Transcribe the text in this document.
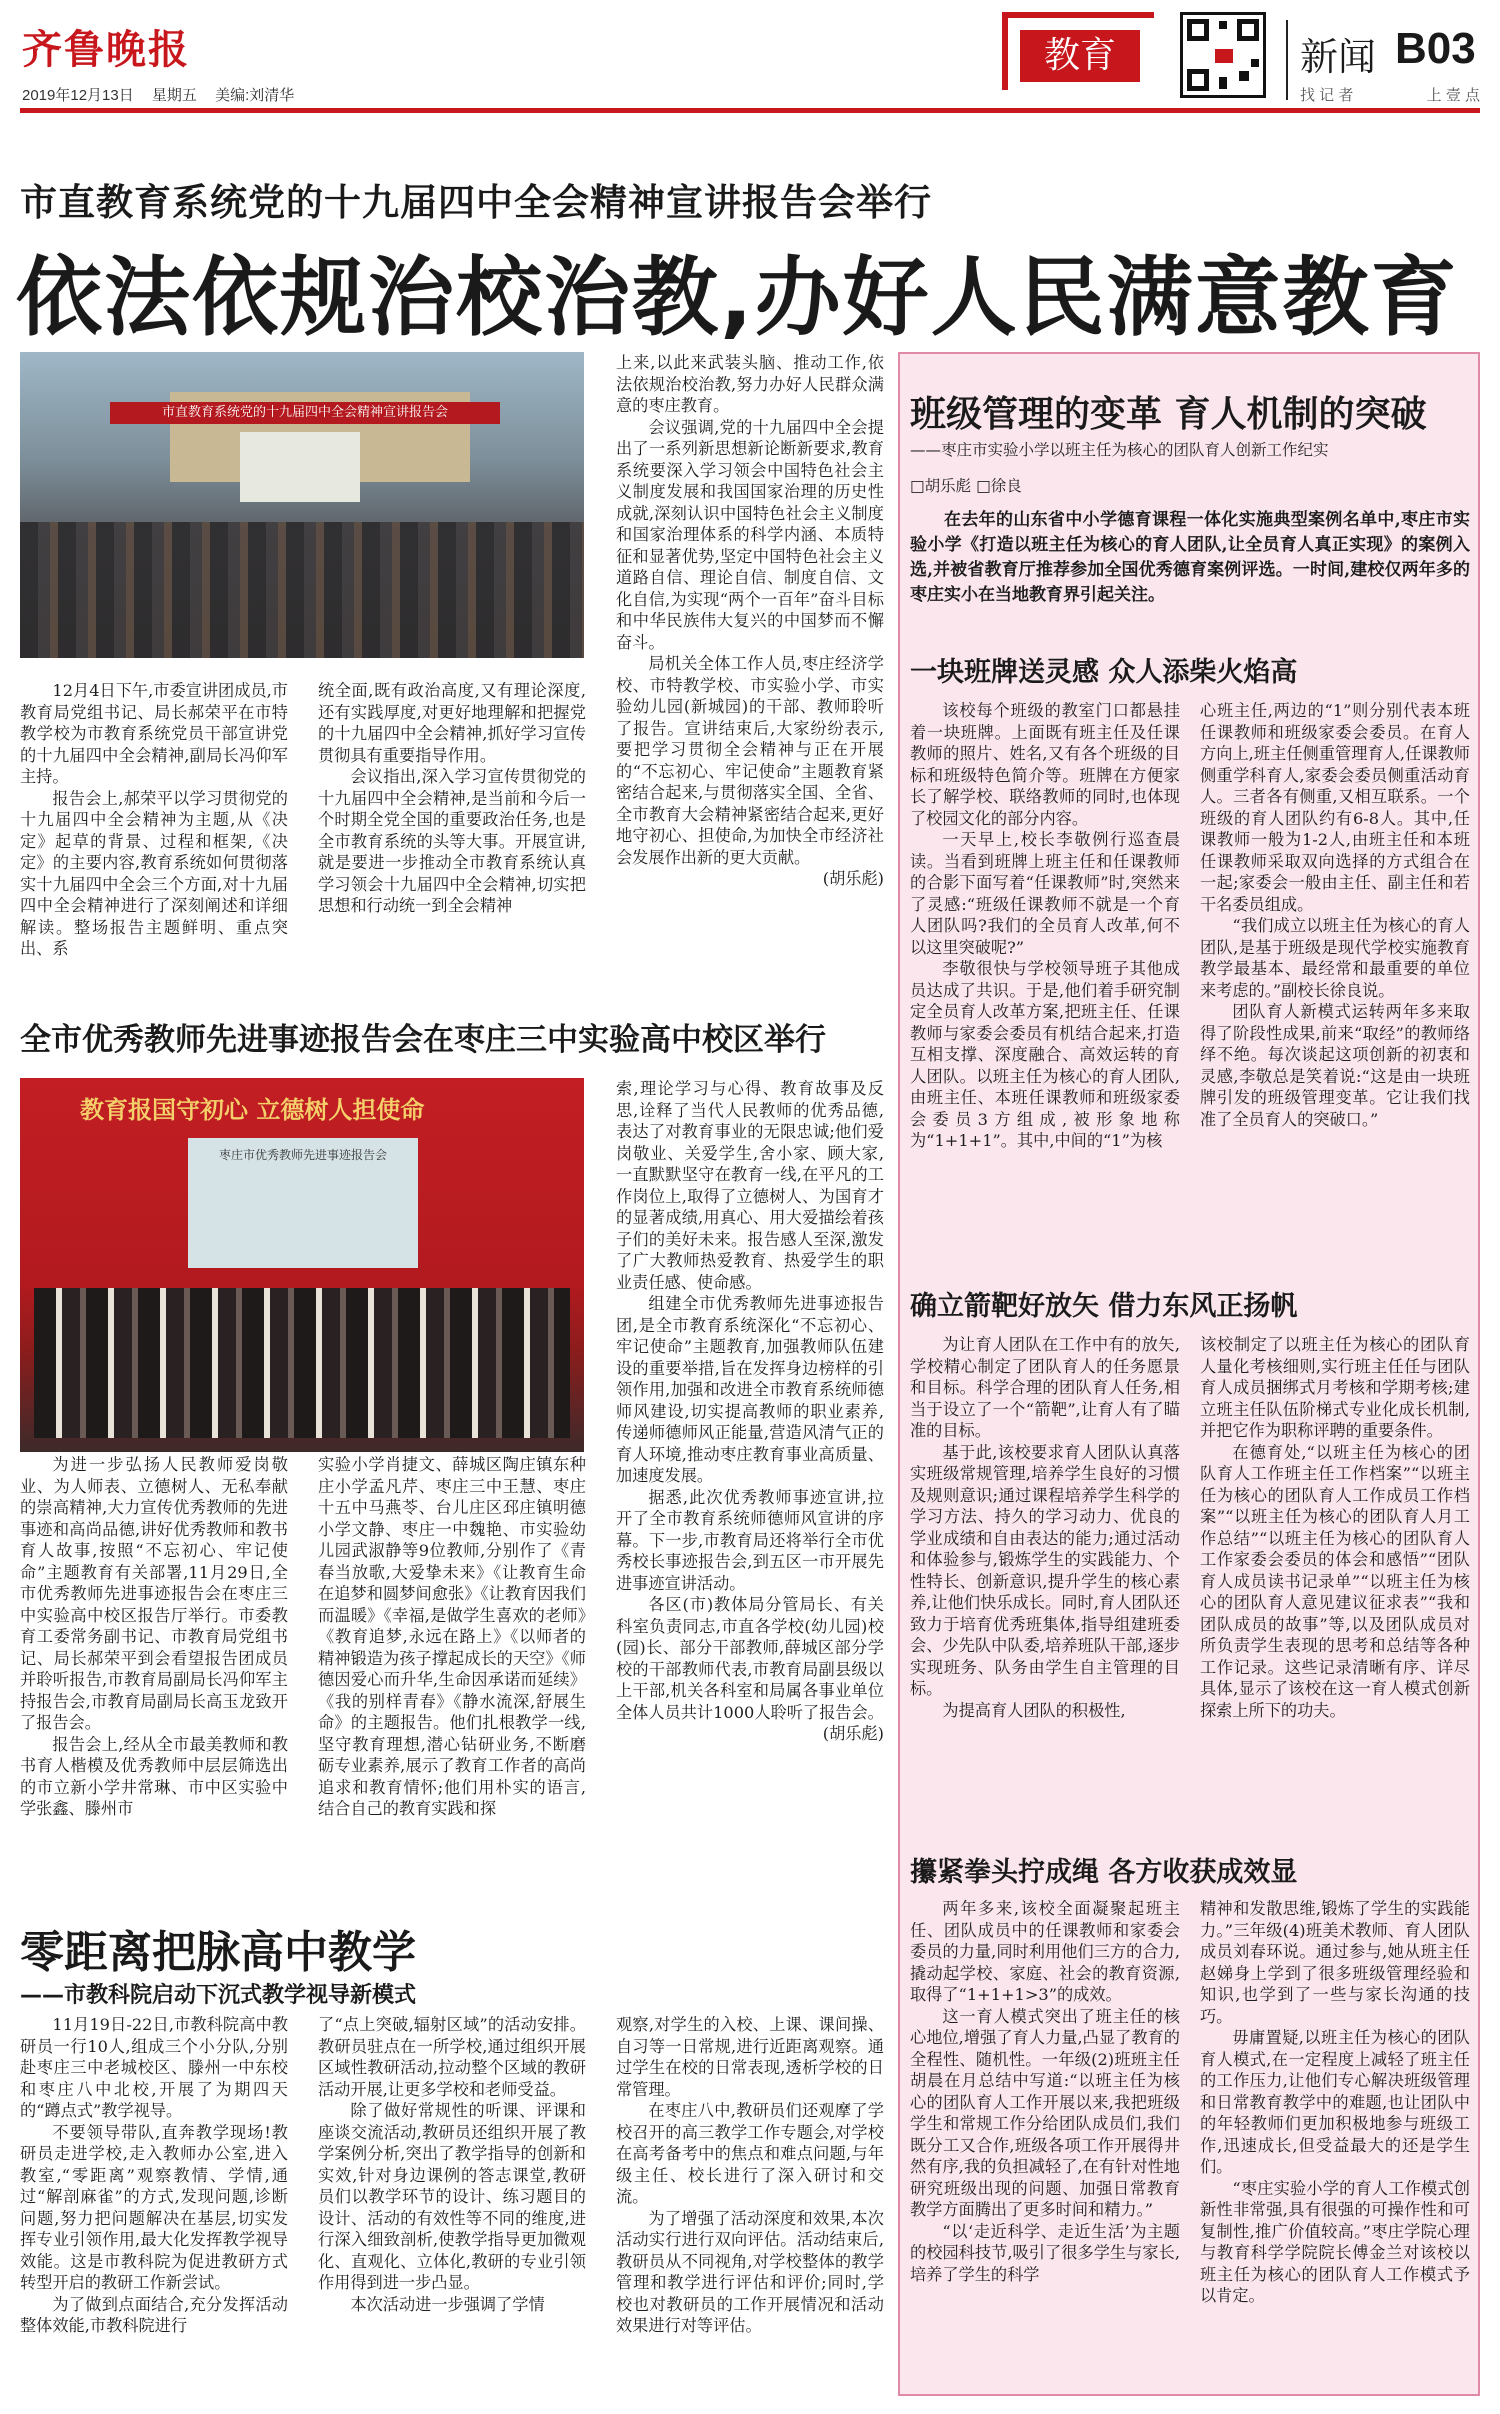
齐鲁晚报
2019年12月13日 星期五 美编:刘清华
教育	新闻 B03
找 记 者	上 壹 点
市直教育系统党的十九届四中全会精神宣讲报告会举行
依法依规治校治教,办好人民满意教育
市直教育系统党的十九届四中全会精神宣讲报告会

12月4日下午,市委宣讲团成员,市教育局党组书记、局长郝荣平在市特教学校为市教育系统党员干部宣讲党的十九届四中全会精神,副局长冯仰军主持。

报告会上,郝荣平以学习贯彻党的十九届四中全会精神为主题,从《决定》起草的背景、过程和框架,《决定》的主要内容,教育系统如何贯彻落实十九届四中全会三个方面,对十九届四中全会精神进行了深刻阐述和详细解读。整场报告主题鲜明、重点突出、系

统全面,既有政治高度,又有理论深度,还有实践厚度,对更好地理解和把握党的十九届四中全会精神,抓好学习宣传贯彻具有重要指导作用。

会议指出,深入学习宣传贯彻党的十九届四中全会精神,是当前和今后一个时期全党全国的重要政治任务,也是全市教育系统的头等大事。开展宣讲,就是要进一步推动全市教育系统认真学习领会十九届四中全会精神,切实把思想和行动统一到全会精神

上来,以此来武装头脑、推动工作,依法依规治校治教,努力办好人民群众满意的枣庄教育。

会议强调,党的十九届四中全会提出了一系列新思想新论断新要求,教育系统要深入学习领会中国特色社会主义制度发展和我国国家治理的历史性成就,深刻认识中国特色社会主义制度和国家治理体系的科学内涵、本质特征和显著优势,坚定中国特色社会主义道路自信、理论自信、制度自信、文化自信,为实现“两个一百年”奋斗目标和中华民族伟大复兴的中国梦而不懈奋斗。

局机关全体工作人员,枣庄经济学校、市特教学校、市实验小学、市实验幼儿园(新城园)的干部、教师聆听了报告。宣讲结束后,大家纷纷表示,要把学习贯彻全会精神与正在开展的“不忘初心、牢记使命”主题教育紧密结合起来,与贯彻落实全国、全省、全市教育大会精神紧密结合起来,更好地守初心、担使命,为加快全市经济社会发展作出新的更大贡献。

(胡乐彪)

全市优秀教师先进事迹报告会在枣庄三中实验高中校区举行
教育报国守初心 立德树人担使命
枣庄市优秀教师先进事迹报告会

为进一步弘扬人民教师爱岗敬业、为人师表、立德树人、无私奉献的崇高精神,大力宣传优秀教师的先进事迹和高尚品德,讲好优秀教师和教书育人故事,按照“不忘初心、牢记使命”主题教育有关部署,11月29日,全市优秀教师先进事迹报告会在枣庄三中实验高中校区报告厅举行。市委教育工委常务副书记、市教育局党组书记、局长郝荣平到会看望报告团成员并聆听报告,市教育局副局长冯仰军主持报告会,市教育局副局长高玉龙致开了报告会。

报告会上,经从全市最美教师和教书育人楷模及优秀教师中层层筛选出的市立新小学井常琳、市中区实验中学张鑫、滕州市

实验小学肖捷文、薛城区陶庄镇东种庄小学孟凡芹、枣庄三中王慧、枣庄十五中马燕苓、台儿庄区邳庄镇明德小学文静、枣庄一中魏艳、市实验幼儿园武淑静等9位教师,分别作了《青春当放歌,大爱挚未来》《让教育生命在追梦和圆梦间愈张》《让教育因我们而温暖》《幸福,是做学生喜欢的老师》《教育追梦,永远在路上》《以师者的精神锻造为孩子撑起成长的天空》《师德因爱心而升华,生命因承诺而延续》《我的别样青春》《静水流深,舒展生命》的主题报告。他们扎根教学一线,坚守教育理想,潜心钻研业务,不断磨砺专业素养,展示了教育工作者的高尚追求和教育情怀;他们用朴实的语言,结合自己的教育实践和探

索,理论学习与心得、教育故事及反思,诠释了当代人民教师的优秀品德,表达了对教育事业的无限忠诚;他们爱岗敬业、关爱学生,舍小家、顾大家,一直默默坚守在教育一线,在平凡的工作岗位上,取得了立德树人、为国育才的显著成绩,用真心、用大爱描绘着孩子们的美好未来。报告感人至深,激发了广大教师热爱教育、热爱学生的职业责任感、使命感。

组建全市优秀教师先进事迹报告团,是全市教育系统深化“不忘初心、牢记使命”主题教育,加强教师队伍建设的重要举措,旨在发挥身边榜样的引领作用,加强和改进全市教育系统师德师风建设,切实提高教师的职业素养,传递师德师风正能量,营造风清气正的育人环境,推动枣庄教育事业高质量、加速度发展。

据悉,此次优秀教师事迹宣讲,拉开了全市教育系统师德师风宣讲的序幕。下一步,市教育局还将举行全市优秀校长事迹报告会,到五区一市开展先进事迹宣讲活动。

各区(市)教体局分管局长、有关科室负责同志,市直各学校(幼儿园)校(园)长、部分干部教师,薛城区部分学校的干部教师代表,市教育局副县级以上干部,机关各科室和局属各事业单位全体人员共计1000人聆听了报告会。

(胡乐彪)

零距离把脉高中教学
——市教科院启动下沉式教学视导新模式

11月19日-22日,市教科院高中教研员一行10人,组成三个小分队,分别赴枣庄三中老城校区、滕州一中东校和枣庄八中北校,开展了为期四天的“蹲点式”教学视导。

不要领导带队,直奔教学现场!教研员走进学校,走入教师办公室,进入教室,“零距离”观察教情、学情,通过“解剖麻雀”的方式,发现问题,诊断问题,努力把问题解决在基层,切实发挥专业引领作用,最大化发挥教学视导效能。这是市教科院为促进教研方式转型开启的教研工作新尝试。

为了做到点面结合,充分发挥活动整体效能,市教科院进行

了“点上突破,辐射区域”的活动安排。教研员驻点在一所学校,通过组织开展区域性教研活动,拉动整个区域的教研活动开展,让更多学校和老师受益。

除了做好常规性的听课、评课和座谈交流活动,教研员还组织开展了教学案例分析,突出了教学指导的创新和实效,针对身边课例的答志课堂,教研员们以教学环节的设计、练习题目的设计、活动的有效性等不同的维度,进行深入细致剖析,使教学指导更加微观化、直观化、立体化,教研的专业引领作用得到进一步凸显。

本次活动进一步强调了学情

观察,对学生的入校、上课、课间操、自习等一日常规,进行近距离观察。通过学生在校的日常表现,透析学校的日常管理。

在枣庄八中,教研员们还观摩了学校召开的高三教学工作专题会,对学校在高考备考中的焦点和难点问题,与年级主任、校长进行了深入研讨和交流。

为了增强了活动深度和效果,本次活动实行进行双向评估。活动结束后,教研员从不同视角,对学校整体的教学管理和教学进行评估和评价;同时,学校也对教研员的工作开展情况和活动效果进行对等评估。

班级管理的变革 育人机制的突破
——枣庄市实验小学以班主任为核心的团队育人创新工作纪实
□胡乐彪 □徐良
在去年的山东省中小学德育课程一体化实施典型案例名单中,枣庄市实验小学《打造以班主任为核心的育人团队,让全员育人真正实现》的案例入选,并被省教育厅推荐参加全国优秀德育案例评选。一时间,建校仅两年多的枣庄实小在当地教育界引起关注。
一块班牌送灵感 众人添柴火焰高

该校每个班级的教室门口都悬挂着一块班牌。上面既有班主任及任课教师的照片、姓名,又有各个班级的目标和班级特色简介等。班牌在方便家长了解学校、联络教师的同时,也体现了校园文化的部分内容。

一天早上,校长李敬例行巡查晨读。当看到班牌上班主任和任课教师的合影下面写着“任课教师”时,突然来了灵感:“班级任课教师不就是一个育人团队吗?我们的全员育人改革,何不以这里突破呢?”

李敬很快与学校领导班子其他成员达成了共识。于是,他们着手研究制定全员育人改革方案,把班主任、任课教师与家委会委员有机结合起来,打造互相支撑、深度融合、高效运转的育人团队。以班主任为核心的育人团队,由班主任、本班任课教师和班级家委会委员3方组成,被形象地称为“1+1+1”。其中,中间的“1”为核

心班主任,两边的“1”则分别代表本班任课教师和班级家委会委员。在育人方向上,班主任侧重管理育人,任课教师侧重学科育人,家委会委员侧重活动育人。三者各有侧重,又相互联系。一个班级的育人团队约有6-8人。其中,任课教师一般为1-2人,由班主任和本班任课教师采取双向选择的方式组合在一起;家委会一般由主任、副主任和若干名委员组成。

“我们成立以班主任为核心的育人团队,是基于班级是现代学校实施教育教学最基本、最经常和最重要的单位来考虑的。”副校长徐良说。

团队育人新模式运转两年多来取得了阶段性成果,前来“取经”的教师络绎不绝。每次谈起这项创新的初衷和灵感,李敬总是笑着说:“这是由一块班牌引发的班级管理变革。它让我们找准了全员育人的突破口。”

确立箭靶好放矢 借力东风正扬帆

为让育人团队在工作中有的放矢,学校精心制定了团队育人的任务愿景和目标。科学合理的团队育人任务,相当于设立了一个“箭靶”,让育人有了瞄准的目标。

基于此,该校要求育人团队认真落实班级常规管理,培养学生良好的习惯及规则意识;通过课程培养学生科学的学习方法、持久的学习动力、优良的学业成绩和自由表达的能力;通过活动和体验参与,锻炼学生的实践能力、个性特长、创新意识,提升学生的核心素养,让他们快乐成长。同时,育人团队还致力于培育优秀班集体,指导组建班委会、少先队中队委,培养班队干部,逐步实现班务、队务由学生自主管理的目标。

为提高育人团队的积极性,

该校制定了以班主任为核心的团队育人量化考核细则,实行班主任任与团队育人成员捆绑式月考核和学期考核;建立班主任队伍阶梯式专业化成长机制,并把它作为职称评聘的重要条件。

在德育处,“以班主任为核心的团队育人工作班主任工作档案”“以班主任为核心的团队育人工作成员工作档案”“以班主任为核心的团队育人月工作总结”“以班主任为核心的团队育人工作家委会委员的体会和感悟”“团队育人成员读书记录单”“以班主任为核心的团队育人意见建议征求表”“我和团队成员的故事”等,以及团队成员对所负责学生表现的思考和总结等各种工作记录。这些记录清晰有序、详尽具体,显示了该校在这一育人模式创新探索上所下的功夫。

攥紧拳头拧成绳 各方收获成效显

两年多来,该校全面凝聚起班主任、团队成员中的任课教师和家委会委员的力量,同时利用他们三方的合力,撬动起学校、家庭、社会的教育资源,取得了“1+1+1>3”的成效。

这一育人模式突出了班主任的核心地位,增强了育人力量,凸显了教育的全程性、随机性。一年级(2)班班主任胡晨在月总结中写道:“以班主任为核心的团队育人工作开展以来,我把班级学生和常规工作分给团队成员们,我们既分工又合作,班级各项工作开展得井然有序,我的负担减轻了,在有针对性地研究班级出现的问题、加强日常教育教学方面腾出了更多时间和精力。”

“以‘走近科学、走近生活’为主题的校园科技节,吸引了很多学生与家长,培养了学生的科学

精神和发散思维,锻炼了学生的实践能力。”三年级(4)班美术教师、育人团队成员刘春环说。通过参与,她从班主任赵娣身上学到了很多班级管理经验和知识,也学到了一些与家长沟通的技巧。

毋庸置疑,以班主任为核心的团队育人模式,在一定程度上减轻了班主任的工作压力,让他们专心解决班级管理和日常教育教学中的难题,也让团队中的年轻教师们更加积极地参与班级工作,迅速成长,但受益最大的还是学生们。

“枣庄实验小学的育人工作模式创新性非常强,具有很强的可操作性和可复制性,推广价值较高。”枣庄学院心理与教育科学学院院长傅金兰对该校以班主任为核心的团队育人工作模式予以肯定。
